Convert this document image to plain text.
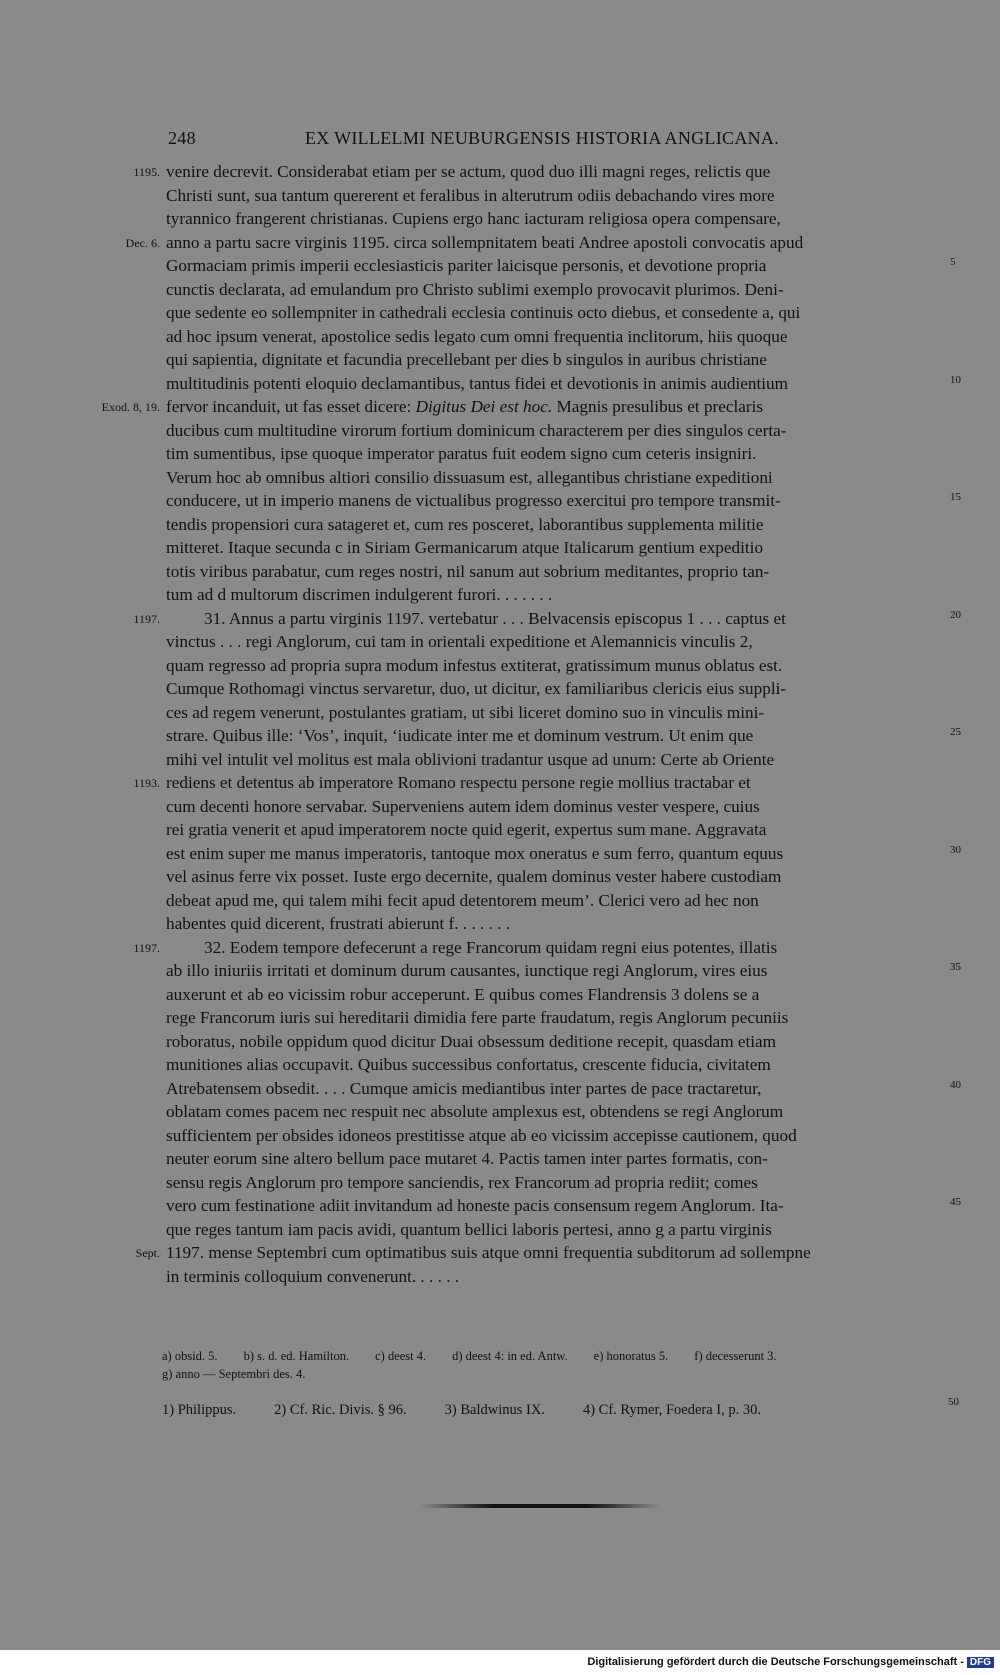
248	EX WILLELMI NEUBURGENSIS HISTORIA ANGLICANA.
venire decrevit. Considerabat etiam per se actum, quod duo illi magni reges, relictis que
1195.
Christi sunt, sua tantum quererent et feralibus in alterutrum odiis debachando vires more
tyrannico frangerent christianas. Cupiens ergo hanc iacturam religiosa opera compensare,
anno a partu sacre virginis 1195. circa sollempnitatem beati Andree apostoli convocatis apud
Dec. 6.
Gormaciam primis imperii ecclesiasticis pariter laicisque personis, et devotione propria	5
cunctis declarata, ad emulandum pro Christo sublimi exemplo provocavit plurimos. Deni-
que sedente eo sollempniter in cathedrali ecclesia continuis octo diebus, et consedente a, qui
ad hoc ipsum venerat, apostolice sedis legato cum omni frequentia inclitorum, hiis quoque
qui sapientia, dignitate et facundia precellebant per dies b singulos in auribus christiane
multitudinis potenti eloquio declamantibus, tantus fidei et devotionis in animis audientium	10
fervor incanduit, ut fas esset dicere: Digitus Dei est hoc. Magnis presulibus et preclaris
Exod. 8, 19.
ducibus cum multitudine virorum fortium dominicum characterem per dies singulos certa-
tim sumentibus, ipse quoque imperator paratus fuit eodem signo cum ceteris insigniri.
Verum hoc ab omnibus altiori consilio dissuasum est, allegantibus christiane expeditioni
conducere, ut in imperio manens de victualibus progresso exercitui pro tempore transmit-	15
tendis propensiori cura satageret et, cum res posceret, laborantibus supplementa militie
mitteret. Itaque secunda c in Siriam Germanicarum atque Italicarum gentium expeditio
totis viribus parabatur, cum reges nostri, nil sanum aut sobrium meditantes, proprio tan-
tum ad d multorum discrimen indulgerent furori. . . . . . .
31. Annus a partu virginis 1197. vertebatur . . . Belvacensis episcopus 1 . . . captus et
1197.	20
vinctus . . . regi Anglorum, cui tam in orientali expeditione et Alemannicis vinculis 2,
quam regresso ad propria supra modum infestus extiterat, gratissimum munus oblatus est.
Cumque Rothomagi vinctus servaretur, duo, ut dicitur, ex familiaribus clericis eius suppli-
ces ad regem venerunt, postulantes gratiam, ut sibi liceret domino suo in vinculis mini-
strare. Quibus ille: ‘Vos’, inquit, ‘iudicate inter me et dominum vestrum. Ut enim que	25
mihi vel intulit vel molitus est mala oblivioni tradantur usque ad unum: Certe ab Oriente
rediens et detentus ab imperatore Romano respectu persone regie mollius tractabar et
1193.
cum decenti honore servabar. Superveniens autem idem dominus vester vespere, cuius
rei gratia venerit et apud imperatorem nocte quid egerit, expertus sum mane. Aggravata
est enim super me manus imperatoris, tantoque mox oneratus e sum ferro, quantum equus	30
vel asinus ferre vix posset. Iuste ergo decernite, qualem dominus vester habere custodiam
debeat apud me, qui talem mihi fecit apud detentorem meum’. Clerici vero ad hec non
habentes quid dicerent, frustrati abierunt f. . . . . . .
32. Eodem tempore defecerunt a rege Francorum quidam regni eius potentes, illatis
1197.
ab illo iniuriis irritati et dominum durum causantes, iunctique regi Anglorum, vires eius	35
auxerunt et ab eo vicissim robur acceperunt. E quibus comes Flandrensis 3 dolens se a
rege Francorum iuris sui hereditarii dimidia fere parte fraudatum, regis Anglorum pecuniis
roboratus, nobile oppidum quod dicitur Duai obsessum deditione recepit, quasdam etiam
munitiones alias occupavit. Quibus successibus confortatus, crescente fiducia, civitatem
Atrebatensem obsedit. . . . Cumque amicis mediantibus inter partes de pace tractaretur,	40
oblatam comes pacem nec respuit nec absolute amplexus est, obtendens se regi Anglorum
sufficientem per obsides idoneos prestitisse atque ab eo vicissim accepisse cautionem, quod
neuter eorum sine altero bellum pace mutaret 4. Pactis tamen inter partes formatis, con-
sensu regis Anglorum pro tempore sanciendis, rex Francorum ad propria rediit; comes
vero cum festinatione adiit invitandum ad honeste pacis consensum regem Anglorum. Ita-	45
que reges tantum iam pacis avidi, quantum bellici laboris pertesi, anno g a partu virginis
1197. mense Septembri cum optimatibus suis atque omni frequentia subditorum ad sollempne
Sept.
in terminis colloquium convenerunt. . . . . .
a) obsid. 5. b) s. d. ed. Hamilton. c) deest 4. d) deest 4: in ed. Antw. e) honoratus 5. f) decesserunt 3.
g) anno — Septembri des. 4.
1) Philippus.	2) Cf. Ric. Divis. § 96.	3) Baldwinus IX.	4) Cf. Rymer, Foedera I, p. 30.	50
Digitalisierung gefördert durch die Deutsche Forschungsgemeinschaft - DFG
